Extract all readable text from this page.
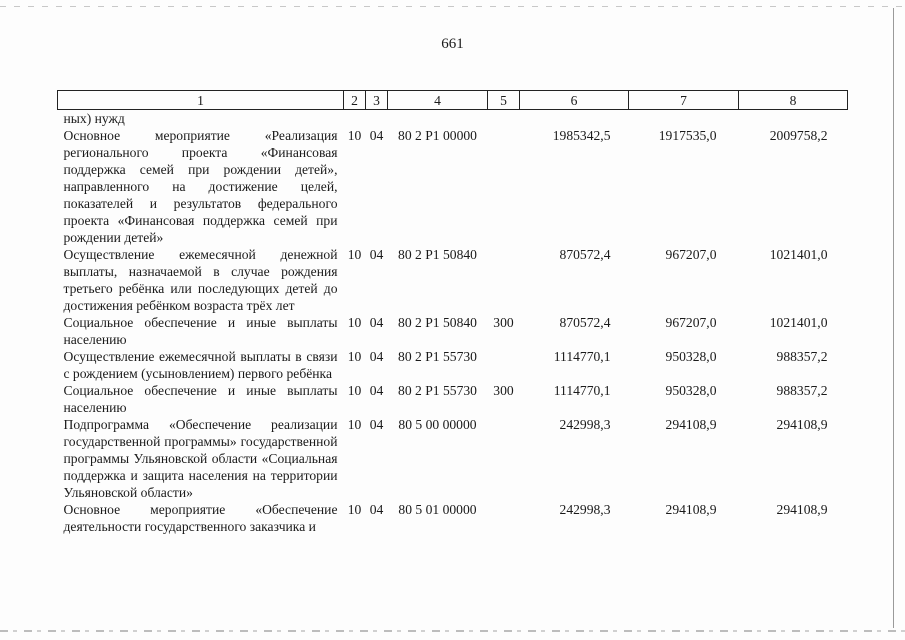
661
1	2	3	4	5	6	7	8
ных) нужд							
Основное мероприятие «Реализация регионального проекта «Финансовая поддержка семей при рождении детей», направленного на достижение целей, показателей и результатов федерального проекта «Финансовая поддержка семей при рождении детей»	10	04	80 2 P1 00000		1985342,5	1917535,0	2009758,2
Осуществление ежемесячной денежной выплаты, назначаемой в случае рождения третьего ребёнка или последующих детей до достижения ребёнком возраста трёх лет	10	04	80 2 P1 50840		870572,4	967207,0	1021401,0
Социальное обеспечение и иные выплаты населению	10	04	80 2 P1 50840	300	870572,4	967207,0	1021401,0
Осуществление ежемесячной выплаты в связи с рождением (усыновлением) первого ребёнка	10	04	80 2 P1 55730		1114770,1	950328,0	988357,2
Социальное обеспечение и иные выплаты населению	10	04	80 2 P1 55730	300	1114770,1	950328,0	988357,2
Подпрограмма «Обеспечение реализации государственной программы» государственной программы Ульяновской области «Социальная поддержка и защита населения на территории Ульяновской области»	10	04	80 5 00 00000		242998,3	294108,9	294108,9
Основное мероприятие «Обеспечение деятельности государственного заказчика и	10	04	80 5 01 00000		242998,3	294108,9	294108,9
